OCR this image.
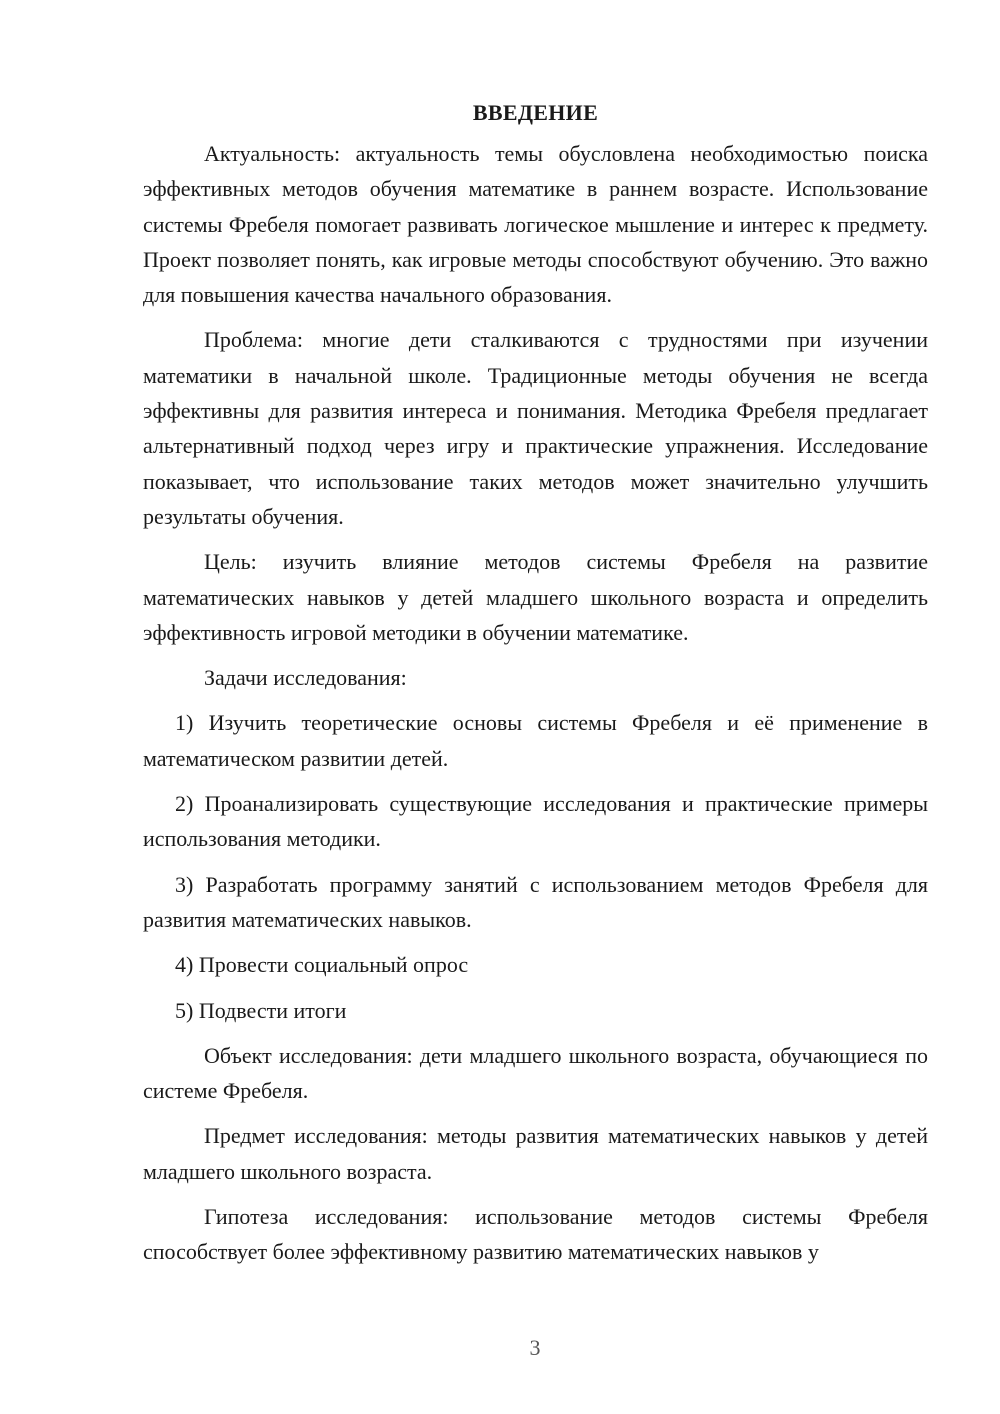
ВВЕДЕНИЕ

Актуальность: актуальность темы обусловлена необходимостью поиска эффективных методов обучения математике в раннем возрасте. Использование системы Фребеля помогает развивать логическое мышление и интерес к предмету. Проект позволяет понять, как игровые методы способствуют обучению. Это важно для повышения качества начального образования.

Проблема: многие дети сталкиваются с трудностями при изучении математики в начальной школе. Традиционные методы обучения не всегда эффективны для развития интереса и понимания. Методика Фребеля предлагает альтернативный подход через игру и практические упражнения. Исследование показывает, что использование таких методов может значительно улучшить результаты обучения.

Цель: изучить влияние методов системы Фребеля на развитие математических навыков у детей младшего школьного возраста и определить эффективность игровой методики в обучении математике.

Задачи исследования:

1) Изучить теоретические основы системы Фребеля и её применение в математическом развитии детей.

2) Проанализировать существующие исследования и практические примеры использования методики.

3) Разработать программу занятий с использованием методов Фребеля для развития математических навыков.

4) Провести социальный опрос

5) Подвести итоги

Объект исследования: дети младшего школьного возраста, обучающиеся по системе Фребеля.

Предмет исследования: методы развития математических навыков у детей младшего школьного возраста.

Гипотеза исследования: использование методов системы Фребеля способствует более эффективному развитию математических навыков у

3
